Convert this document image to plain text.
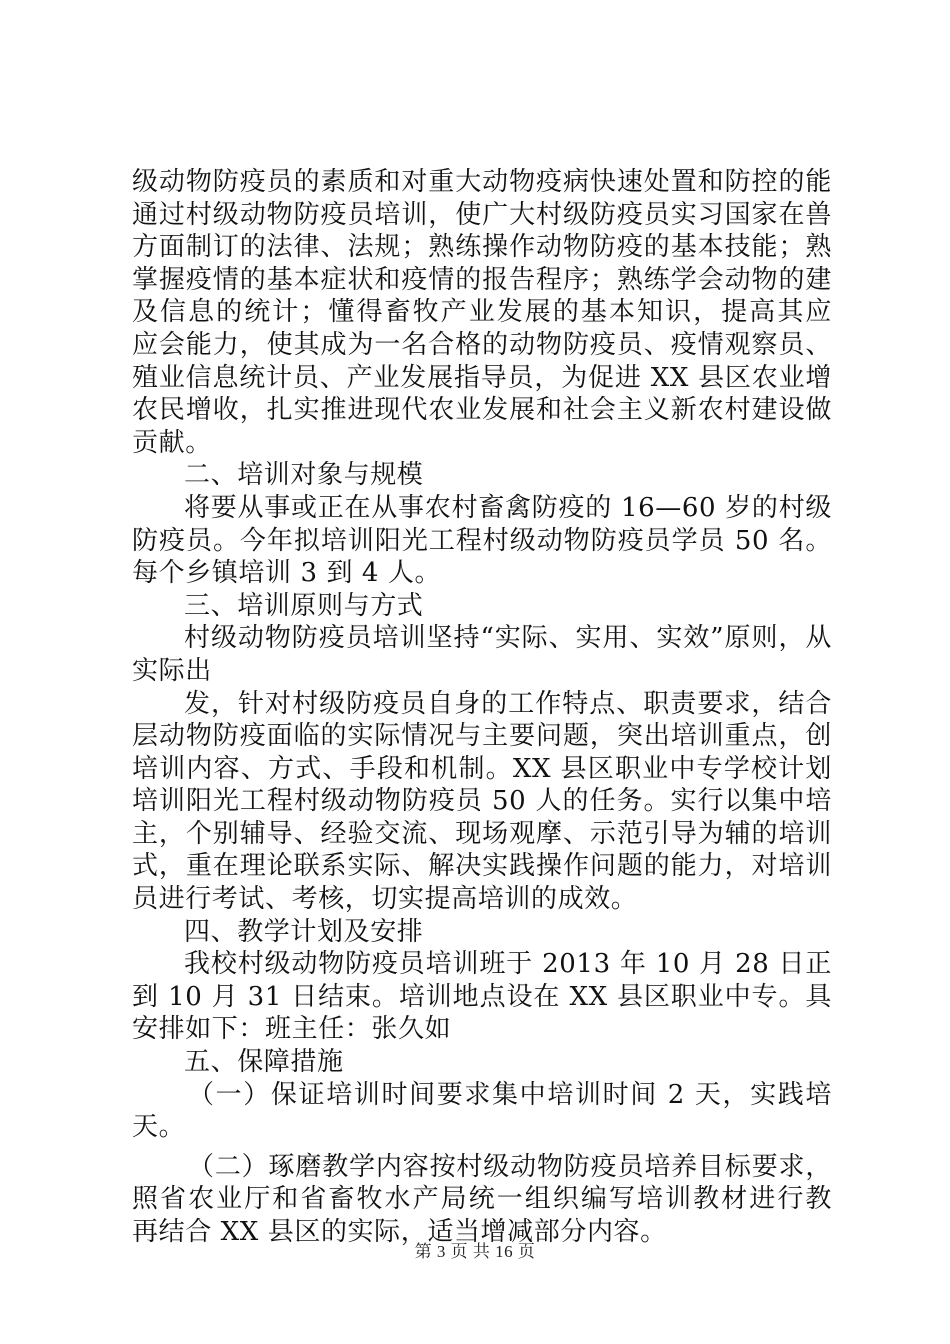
级动物防疫员的素质和对重大动物疫病快速处置和防控的能
通过村级动物防疫员培训，使广大村级防疫员实习国家在兽
方面制订的法律、法规；熟练操作动物防疫的基本技能；熟
掌握疫情的基本症状和疫情的报告程序；熟练学会动物的建
及信息的统计；懂得畜牧产业发展的基本知识，提高其应
应会能力，使其成为一名合格的动物防疫员、疫情观察员、
殖业信息统计员、产业发展指导员，为促进 XX 县区农业增
农民增收，扎实推进现代农业发展和社会主义新农村建设做
贡献。
二、培训对象与规模
将要从事或正在从事农村畜禽防疫的 16—60 岁的村级
防疫员。今年拟培训阳光工程村级动物防疫员学员 50 名。
每个乡镇培训 3 到 4 人。
三、培训原则与方式
村级动物防疫员培训坚持“实际、实用、实效”原则，从
实际出
发，针对村级防疫员自身的工作特点、职责要求，结合
层动物防疫面临的实际情况与主要问题，突出培训重点，创
培训内容、方式、手段和机制。XX 县区职业中专学校计划
培训阳光工程村级动物防疫员 50 人的任务。实行以集中培
主，个别辅导、经验交流、现场观摩、示范引导为辅的培训
式，重在理论联系实际、解决实践操作问题的能力，对培训
员进行考试、考核，切实提高培训的成效。
四、教学计划及安排
我校村级动物防疫员培训班于 2013 年 10 月 28 日正
到 10 月 31 日结束。培训地点设在 XX 县区职业中专。具
安排如下：班主任：张久如
五、保障措施
（一）保证培训时间要求集中培训时间 2 天，实践培
天。
（二）琢磨教学内容按村级动物防疫员培养目标要求，
照省农业厅和省畜牧水产局统一组织编写培训教材进行教
再结合 XX 县区的实际，适当增减部分内容。
第 3 页 共 16 页
